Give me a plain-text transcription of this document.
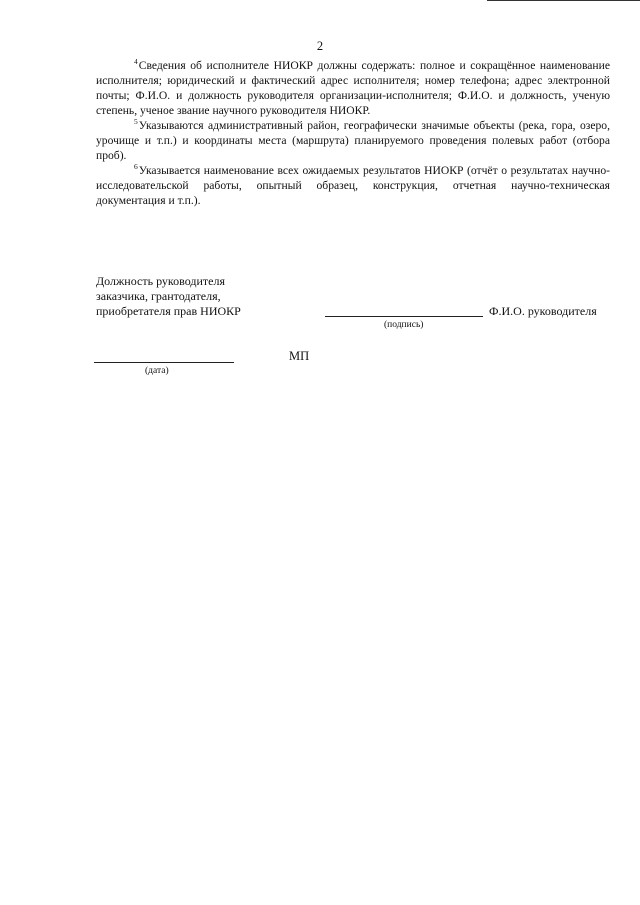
2

$^4$Сведения об исполнителе НИОКР должны содержать: полное и сокращённое наименование исполнителя; юридический и фактический адрес исполнителя; номер телефона; адрес электронной почты; Ф.И.О. и должность руководителя организации-исполнителя; Ф.И.О. и должность, ученую степень, ученое звание научного руководителя НИОКР.

$^5$Указываются административный район, географически значимые объекты (река, гора, озеро, урочище и т.п.) и координаты места (маршрута) планируемого проведения полевых работ (отбора проб).

$^6$Указывается наименование всех ожидаемых результатов НИОКР (отчёт о результатах научно-исследовательской работы, опытный образец, конструкция, отчетная научно-техническая документация и т.п.).

Должность руководителя
заказчика, грантодателя,
приобретателя прав НИОКР	Ф.И.О. руководителя
(подпись)
(дата)
МП
